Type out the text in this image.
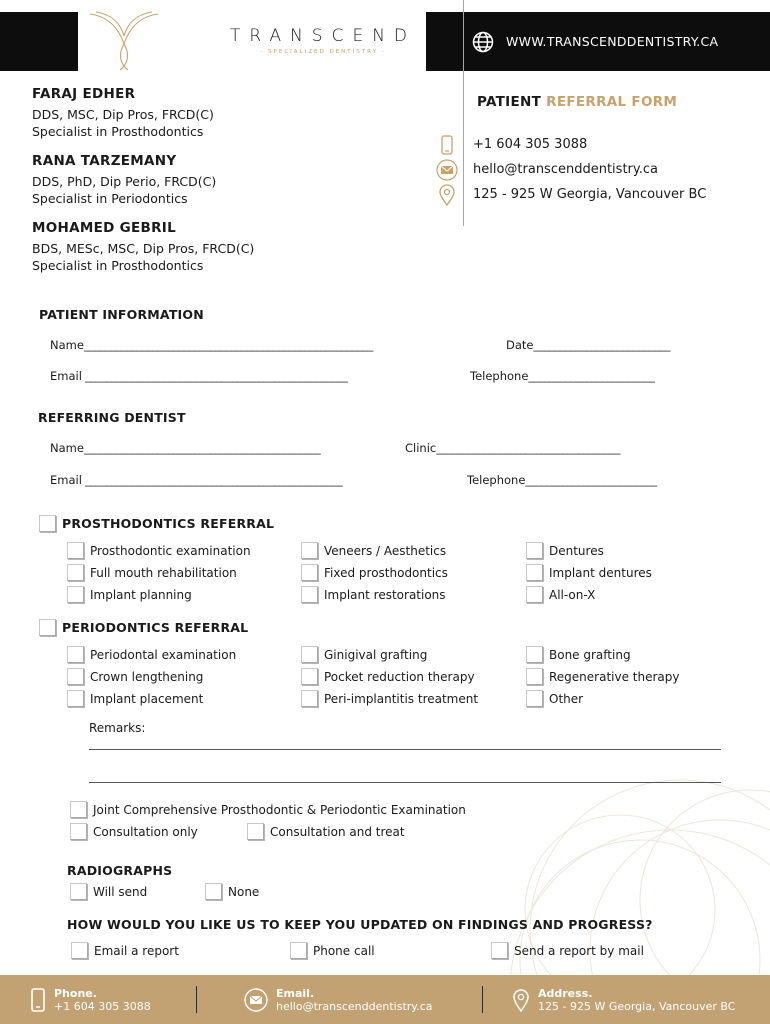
TRANSCEND
- SPECIALIZED DENTISTRY -
WWW.TRANSCENDDENTISTRY.CA
FARAJ EDHER
DDS, MSC, Dip Pros, FRCD(C)
Specialist in Prosthodontics
RANA TARZEMANY
DDS, PhD, Dip Perio, FRCD(C)
Specialist in Periodontics
MOHAMED GEBRIL
BDS, MESc, MSC, Dip Pros, FRCD(C)
Specialist in Prosthodontics
PATIENT REFERRAL FORM
+1 604 305 3088
hello@transcenddentistry.ca
125 - 925 W Georgia, Vancouver BC
PATIENT INFORMATION
Name_______________________________________________________	Date__________________________
Email __________________________________________________	Telephone________________________
REFERRING DENTIST
Name_____________________________________________	Clinic___________________________________
Email _________________________________________________	Telephone_________________________
PROSTHODONTICS REFERRAL
Prosthodontic examination	Veneers / Aesthetics	Dentures
Full mouth rehabilitation	Fixed prosthodontics	Implant dentures
Implant planning	Implant restorations	All-on-X
PERIODONTICS REFERRAL
Periodontal examination	Ginigival grafting	Bone grafting
Crown lengthening	Pocket reduction therapy	Regenerative therapy
Implant placement	Peri-implantitis treatment	Other
Remarks:
Joint Comprehensive Prosthodontic & Periodontic Examination
Consultation only	Consultation and treat
RADIOGRAPHS
Will send	None
HOW WOULD YOU LIKE US TO KEEP YOU UPDATED ON FINDINGS AND PROGRESS?
Email a report	Phone call	Send a report by mail
Phone.
+1 604 305 3088
Email.
hello@transcenddentistry.ca
Address.
125 - 925 W Georgia, Vancouver BC
